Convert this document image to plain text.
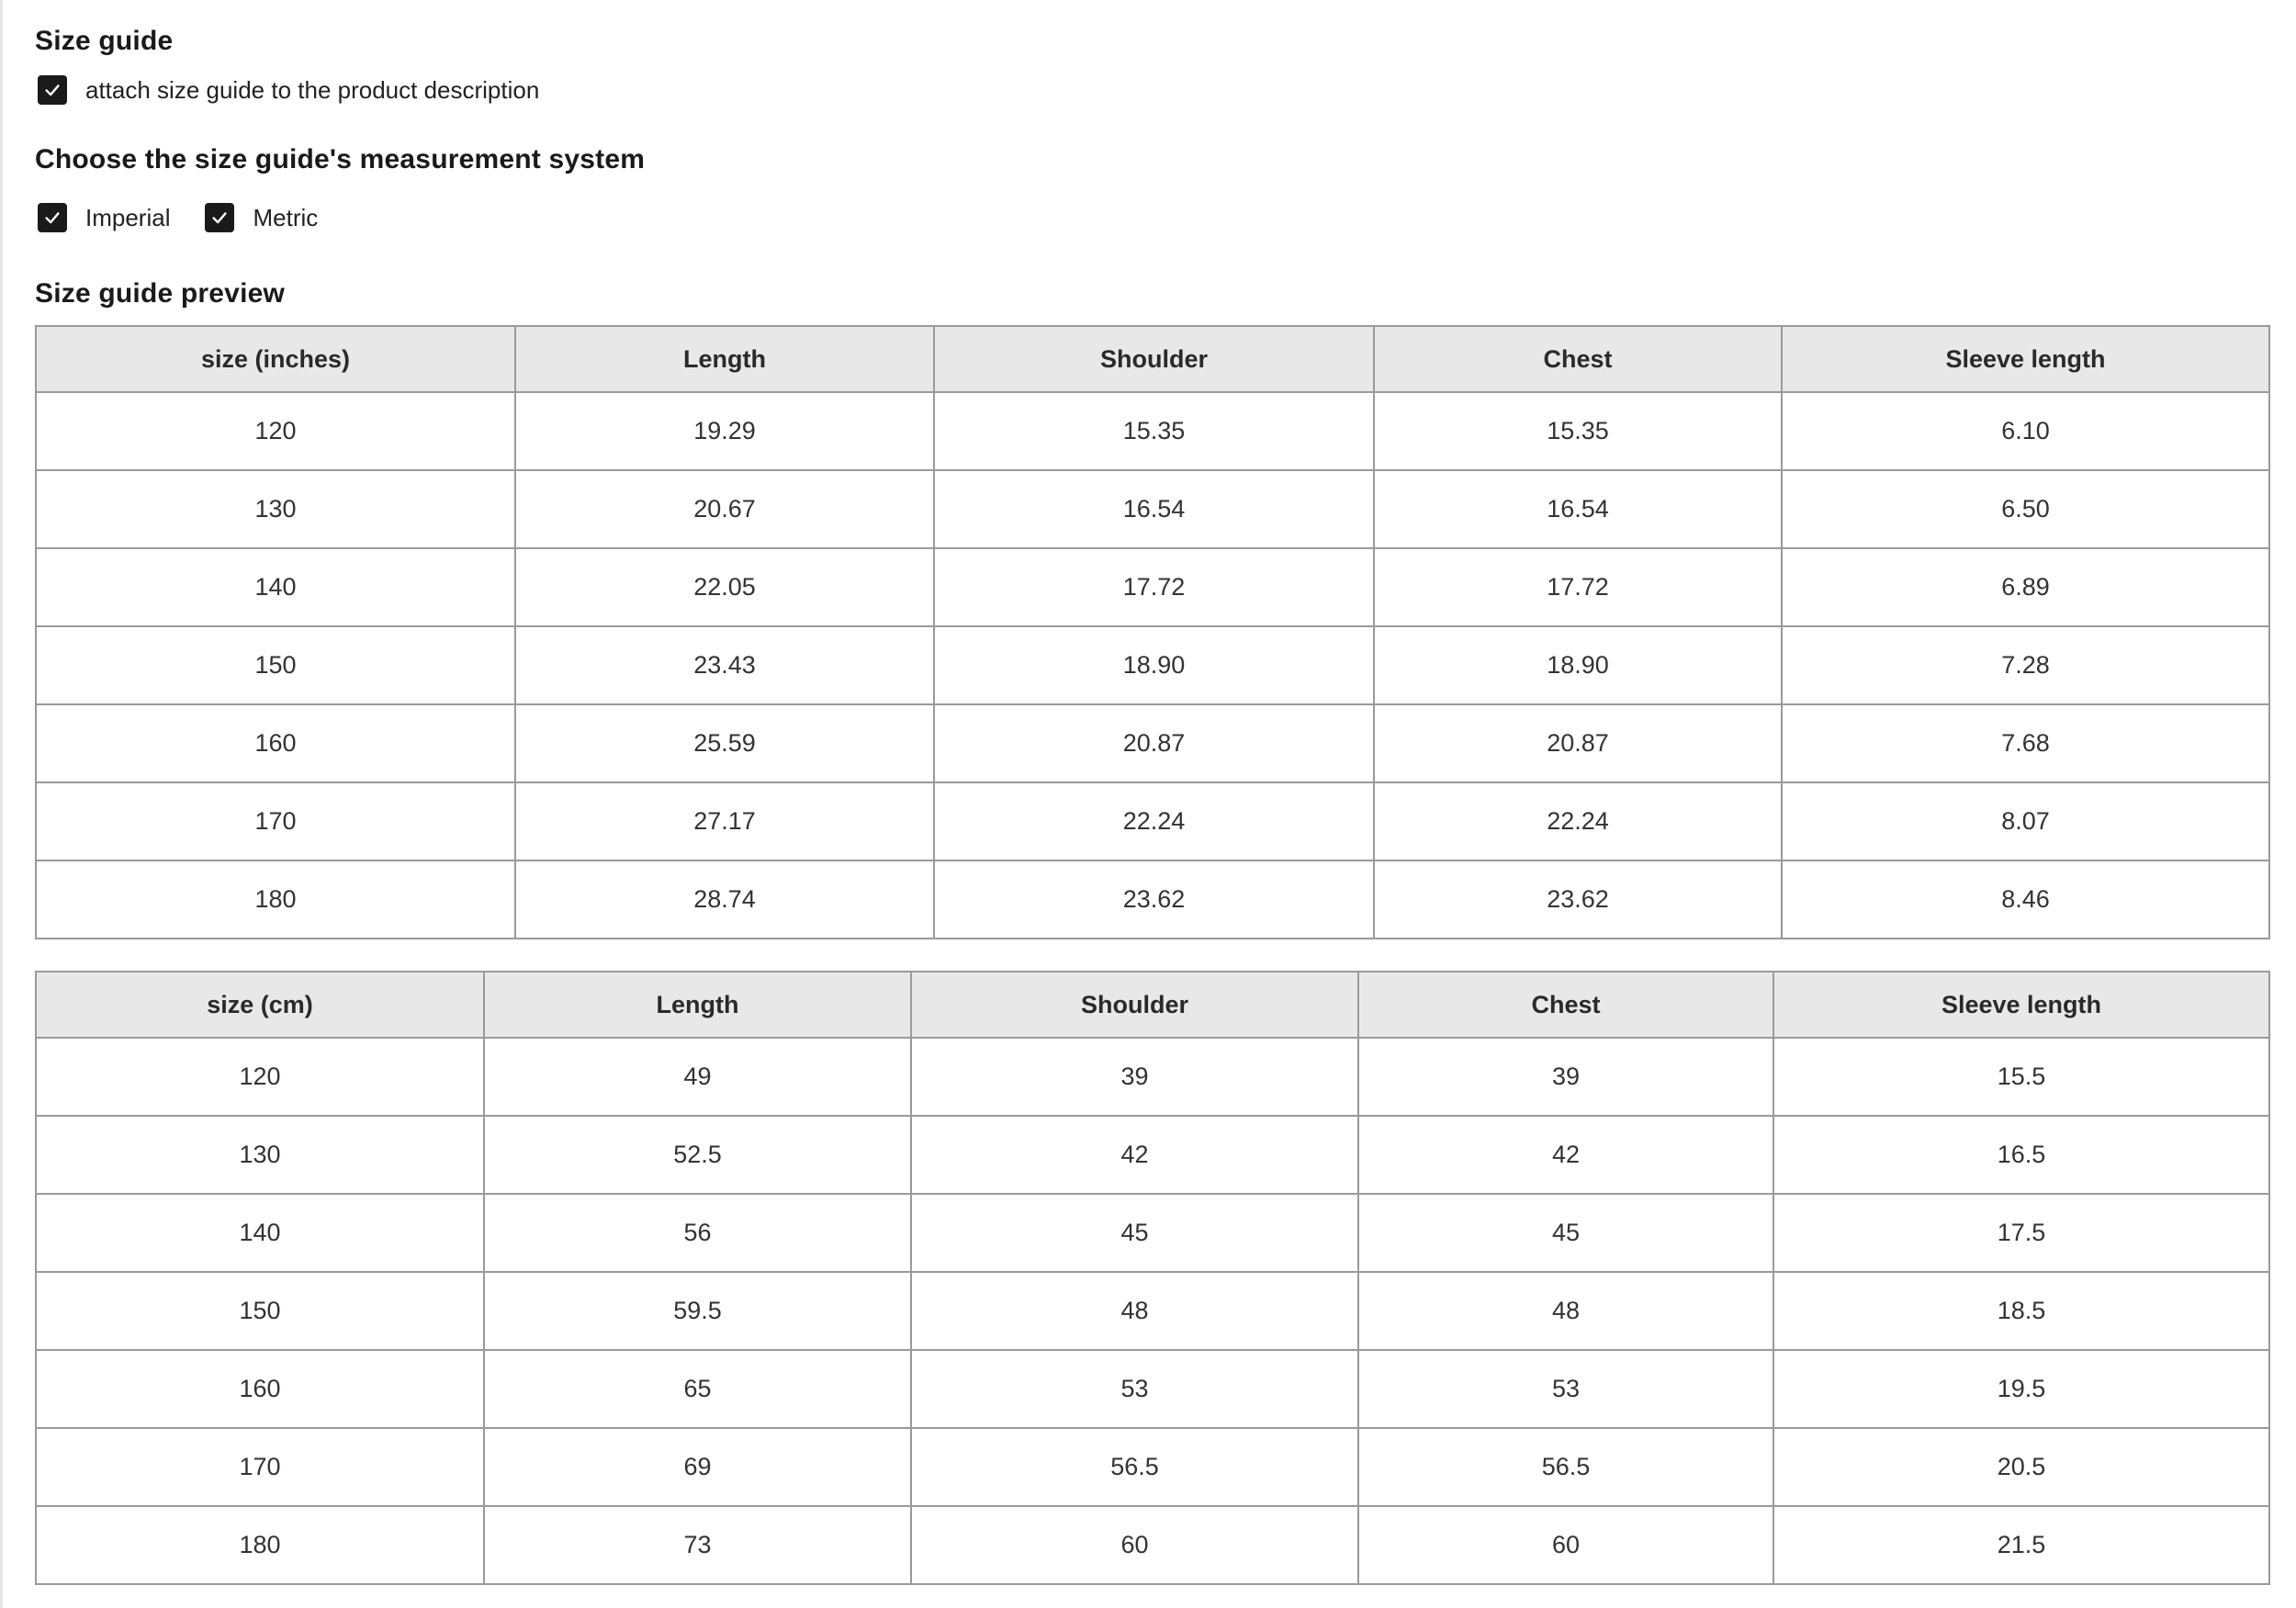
Size guide
attach size guide to the product description
Choose the size guide's measurement system
Imperial	Metric
Size guide preview
size (inches)	Length	Shoulder	Chest	Sleeve length
120	19.29	15.35	15.35	6.10
130	20.67	16.54	16.54	6.50
140	22.05	17.72	17.72	6.89
150	23.43	18.90	18.90	7.28
160	25.59	20.87	20.87	7.68
170	27.17	22.24	22.24	8.07
180	28.74	23.62	23.62	8.46
size (cm)	Length	Shoulder	Chest	Sleeve length
120	49	39	39	15.5
130	52.5	42	42	16.5
140	56	45	45	17.5
150	59.5	48	48	18.5
160	65	53	53	19.5
170	69	56.5	56.5	20.5
180	73	60	60	21.5
